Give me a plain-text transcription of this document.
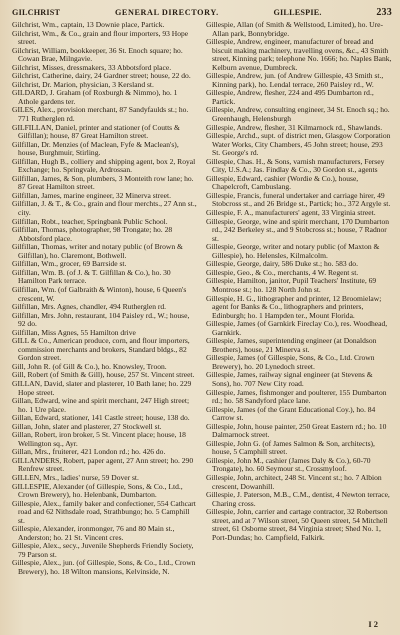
GILCHRIST	GENERAL DIRECTORY.	GILLESPIE.	233

Gilchrist, Wm., captain, 13 Downie place, Partick.

Gilchrist, Wm., & Co., grain and flour importers, 93 Hope street.

Gilchrist, William, bookkeeper, 36 St. Enoch square; ho. Cowan Brae, Milngavie.

Gilchrist, Misses, dressmakers, 33 Abbotsford place.

Gilchrist, Catherine, dairy, 24 Gardner street; house, 22 do.

Gilchrist, Dr. Marion, physician, 3 Kersland st.

GILDARD, J. Graham (of Roxburgh & Nimmo), ho. 1 Athole gardens ter.

GILES, Alex., provision merchant, 87 Sandyfaulds st.; ho. 771 Rutherglen rd.

GILFILLAN, Daniel, printer and stationer (of Coutts & Gilfillan); house, 87 Great Hamilton street.

Gilfillan, Dr. Menzies (of Maclean, Fyfe & Maclean's), house, Burghmuir, Stirling.

Gilfillan, Hugh B., colliery and shipping agent, box 2, Royal Exchange; ho. Springvale, Ardrossan.

Gilfillan, James, & Son, plumbers, 3 Monteith row lane; ho. 87 Great Hamilton street.

Gilfillan, James, marine engineer, 32 Minerva street.

Gilfillan, J. & T., & Co., grain and flour merchts., 27 Ann st., city.

Gilfillan, Robt., teacher, Springbank Public School.

Gilfillan, Thomas, photographer, 98 Trongate; ho. 28 Abbotsford place.

Gilfillan, Thomas, writer and notary public (of Brown & Gilfillan), ho. Claremont, Bothwell.

Gilfillan, Wm., grocer, 69 Barrside st.

Gilfillan, Wm. B. (of J. & T. Gilfillan & Co.), ho. 30 Hamilton Park terrace.

Gilfillan, Wm. (of Galbraith & Winton), house, 6 Queen's crescent, W.

Gilfillan, Mrs. Agnes, chandler, 494 Rutherglen rd.

Gilfillan, Mrs. John, restaurant, 104 Paisley rd., W.; house, 92 do.

Gilfillan, Miss Agnes, 55 Hamilton drive

GILL & Co., American produce, corn, and flour importers, commission merchants and brokers, Standard bldgs., 82 Gordon street.

Gill, John R. (of Gill & Co.), ho. Knowsley, Troon.

Gill, Robert (of Smith & Gill), house, 257 St. Vincent street.

GILLAN, David, slater and plasterer, 10 Bath lane; ho. 229 Hope street.

Gillan, Edward, wine and spirit merchant, 247 High street; ho. 1 Ure place.

Gillan, Edward, stationer, 141 Castle street; house, 138 do.

Gillan, John, slater and plasterer, 27 Stockwell st.

Gillan, Robert, iron broker, 5 St. Vincent place; house, 18 Wellington sq., Ayr.

Gillan, Mrs., fruiterer, 421 London rd.; ho. 426 do.

GILLANDERS, Robert, paper agent, 27 Ann street; ho. 290 Renfrew street.

GILLEN, Mrs., ladies' nurse, 59 Dover st.

GILLESPIE, Alexander (of Gillespie, Sons, & Co., Ltd., Crown Brewery), ho. Helenbank, Dumbarton.

Gillespie, Alex., family baker and confectioner, 554 Cathcart road and 62 Nithsdale road, Strathbungo; ho. 5 Camphill st.

Gillespie, Alexander, ironmonger, 76 and 80 Main st., Anderston; ho. 21 St. Vincent cres.

Gillespie, Alex., secy., Juvenile Shepherds Friendly Society, 79 Parson st.

Gillespie, Alex., jun. (of Gillespie, Sons, & Co., Ltd., Crown Brewery), ho. 18 Wilton mansions, Kelvinside, N.

Gillespie, Allan (of Smith & Wellstood, Limited), ho. Ure-Allan park, Bonnybridge.

Gillespie, Andrew, engineer, manufacturer of bread and biscuit making machinery, travelling ovens, &c., 43 Smith street, Kinning park; telephone No. 1666; ho. Naples Bank, Kelburn avenue, Dumbreck.

Gillespie, Andrew, jun. (of Andrew Gillespie, 43 Smith st., Kinning park), ho. Lendal terrace, 260 Paisley rd., W.

Gillespie, Andrew, flesher, 224 and 495 Dumbarton rd., Partick.

Gillespie, Andrew, consulting engineer, 34 St. Enoch sq.; ho. Greenhaugh, Helensburgh

Gillespie, Andrew, flesher, 31 Kilmarnock rd., Shawlands.

Gillespie, Archd., supt. of district men, Glasgow Corporation Water Works, City Chambers, 45 John street; house, 293 St. George's rd.

Gillespie, Chas. H., & Sons, varnish manufacturers, Fersey City, U.S.A.; Jas. Findlay & Co., 30 Gordon st., agents

Gillespie, Edward, cashier (Wordie & Co.), house, Chapelcroft, Cambuslang.

Gillespie, Francis, funeral undertaker and carriage hirer, 49 Stobcross st., and 26 Bridge st., Partick; ho., 372 Argyle st.

Gillespie, F. A., manufacturers' agent, 33 Virginia street.

Gillespie, George, wine and spirit merchant, 170 Dumbarton rd., 242 Berkeley st., and 9 Stobcross st.; house, 7 Radnor st.

Gillespie, George, writer and notary public (of Maxton & Gillespie), ho. Helensles, Kilmalcolm.

Gillespie, George, dairy, 586 Duke st.; ho. 583 do.

Gillespie, Geo., & Co., merchants, 4 W. Regent st.

Gillespie, Hamilton, janitor, Pupil Teachers' Institute, 69 Montrose st.; ho. 128 North John st.

Gillespie, H. G., lithographer and printer, 12 Broomielaw; agent for Banks & Co., lithographers and printers, Edinburgh; ho. 1 Hampden ter., Mount Florida.

Gillespie, James (of Garnkirk Fireclay Co.), res. Woodhead, Garnkirk.

Gillespie, James, superintending engineer (at Donaldson Brothers), house, 21 Minerva st.

Gillespie, James (of Gillespie, Sons, & Co., Ltd. Crown Brewery), ho. 20 Lynedoch street.

Gillespie, James, railway signal engineer (at Stevens & Sons), ho. 707 New City road.

Gillespie, James, fishmonger and poulterer, 155 Dumbarton rd.; ho. 58 Sandyford place lane.

Gillespie, James (of the Grant Educational Coy.), ho. 84 Carrow st.

Gillespie, John, house painter, 250 Great Eastern rd.; ho. 10 Dalmarnock street.

Gillespie, John G. (of James Salmon & Son, architects), house, 5 Camphill street.

Gillespie, John M., cashier (James Daly & Co.), 60-70 Trongate), ho. 60 Seymour st., Crossmyloof.

Gillespie, John, architect, 248 St. Vincent st.; ho. 7 Albion crescent, Dowanhill.

Gillespie, J. Paterson, M.B., C.M., dentist, 4 Newton terrace, Charing cross.

Gillespie, John, carrier and cartage contractor, 32 Robertson street, and at 7 Wilson street, 50 Queen street, 54 Mitchell street, 61 Osborne street, 84 Virginia street; Shed No. 1, Port-Dundas; ho. Campfield, Falkirk.

I 2
